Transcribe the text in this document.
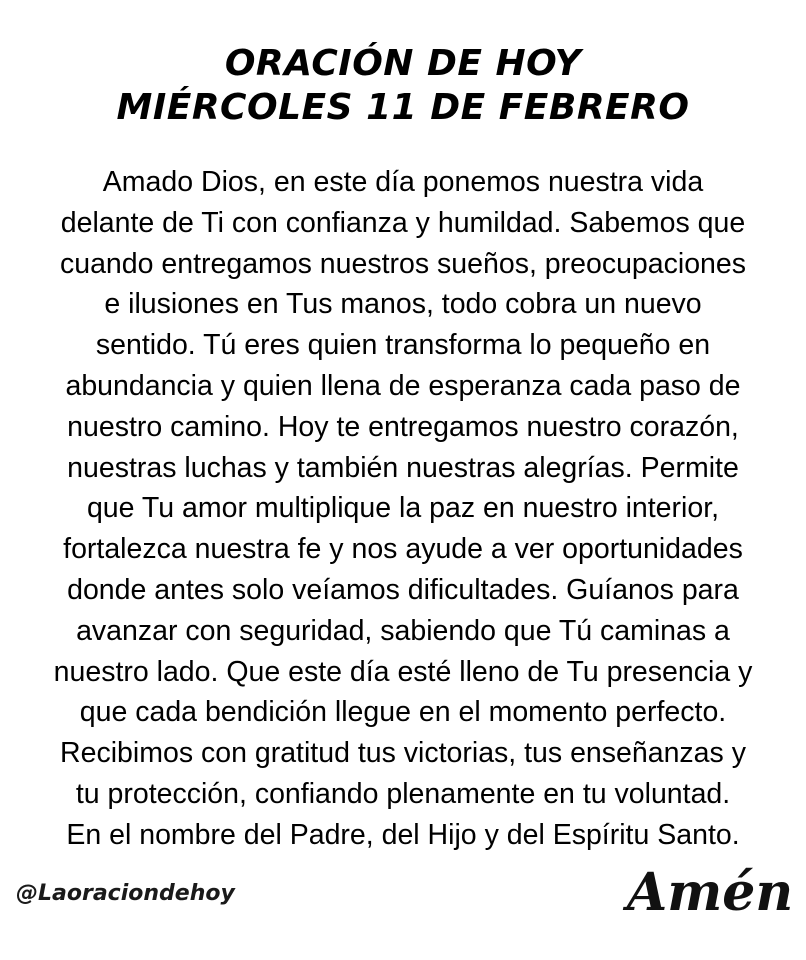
ORACIÓN DE HOY
MIÉRCOLES 11 DE FEBRERO
Amado Dios, en este día ponemos nuestra vida
delante de Ti con confianza y humildad. Sabemos que
cuando entregamos nuestros sueños, preocupaciones
e ilusiones en Tus manos, todo cobra un nuevo
sentido. Tú eres quien transforma lo pequeño en
abundancia y quien llena de esperanza cada paso de
nuestro camino. Hoy te entregamos nuestro corazón,
nuestras luchas y también nuestras alegrías. Permite
que Tu amor multiplique la paz en nuestro interior,
fortalezca nuestra fe y nos ayude a ver oportunidades
donde antes solo veíamos dificultades. Guíanos para
avanzar con seguridad, sabiendo que Tú caminas a
nuestro lado. Que este día esté lleno de Tu presencia y
que cada bendición llegue en el momento perfecto.
Recibimos con gratitud tus victorias, tus enseñanzas y
tu protección, confiando plenamente en tu voluntad.
En el nombre del Padre, del Hijo y del Espíritu Santo.
@Laoraciondehoy	Amén
